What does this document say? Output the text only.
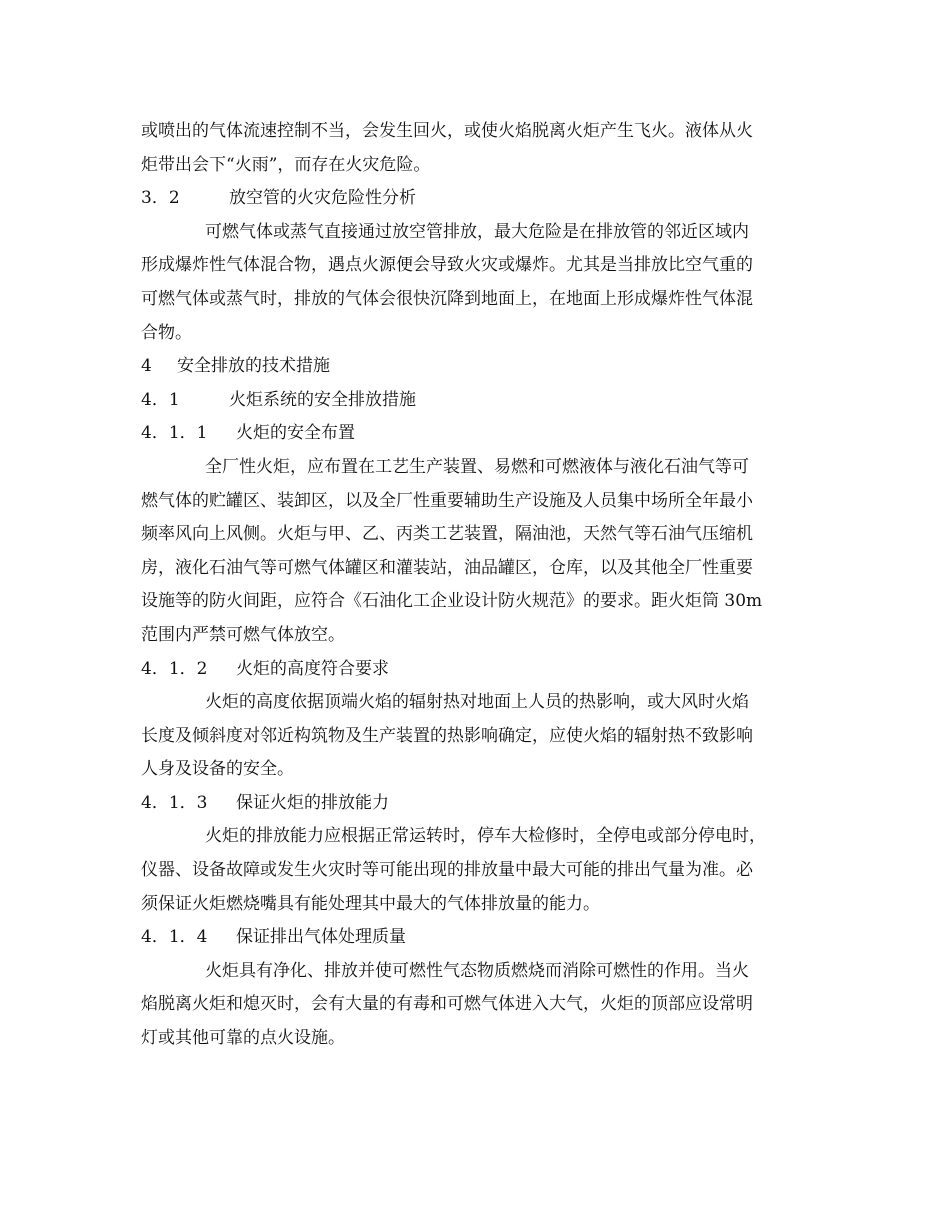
或喷出的气体流速控制不当，会发生回火，或使火焰脱离火炬产生飞火。液体从火
炬带出会下“火雨”，而存在火灾危险。
3．2	放空管的火灾危险性分析
可燃气体或蒸气直接通过放空管排放，最大危险是在排放管的邻近区域内
形成爆炸性气体混合物，遇点火源便会导致火灾或爆炸。尤其是当排放比空气重的
可燃气体或蒸气时，排放的气体会很快沉降到地面上，在地面上形成爆炸性气体混
合物。
4 安全排放的技术措施
4．1	火炬系统的安全排放措施
4．1．1 火炬的安全布置
全厂性火炬，应布置在工艺生产装置、易燃和可燃液体与液化石油气等可
燃气体的贮罐区、装卸区，以及全厂性重要辅助生产设施及人员集中场所全年最小
频率风向上风侧。火炬与甲、乙、丙类工艺装置，隔油池，天然气等石油气压缩机
房，液化石油气等可燃气体罐区和灌装站，油品罐区，仓库，以及其他全厂性重要
设施等的防火间距，应符合《石油化工企业设计防火规范》的要求。距火炬筒 30m
范围内严禁可燃气体放空。
4．1．2 火炬的高度符合要求
火炬的高度依据顶端火焰的辐射热对地面上人员的热影响，或大风时火焰
长度及倾斜度对邻近构筑物及生产装置的热影响确定，应使火焰的辐射热不致影响
人身及设备的安全。
4．1．3 保证火炬的排放能力
火炬的排放能力应根据正常运转时，停车大检修时，全停电或部分停电时，
仪器、设备故障或发生火灾时等可能出现的排放量中最大可能的排出气量为准。必
须保证火炬燃烧嘴具有能处理其中最大的气体排放量的能力。
4．1．4 保证排出气体处理质量
火炬具有净化、排放并使可燃性气态物质燃烧而消除可燃性的作用。当火
焰脱离火炬和熄灭时，会有大量的有毒和可燃气体进入大气，火炬的顶部应设常明
灯或其他可靠的点火设施。
